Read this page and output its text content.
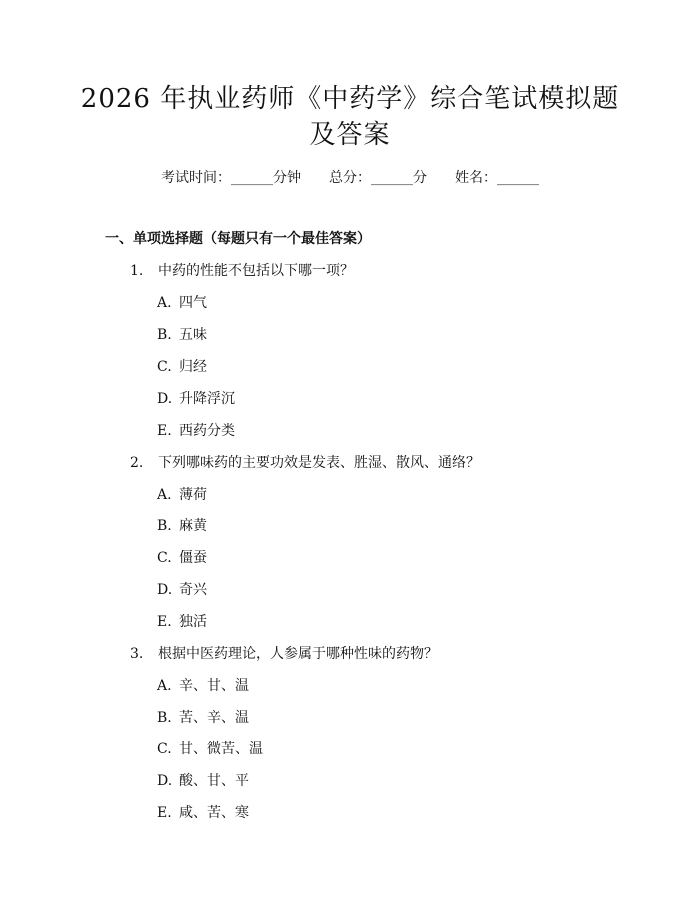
2026 年执业药师《中药学》综合笔试模拟题
及答案
考试时间：______分钟 总分：______分 姓名：______
一、单项选择题（每题只有一个最佳答案）
1. 中药的性能不包括以下哪一项？
A. 四气
B. 五味
C. 归经
D. 升降浮沉
E. 西药分类
2. 下列哪味药的主要功效是发表、胜湿、散风、通络？
A. 薄荷
B. 麻黄
C. 僵蚕
D. 奇兴
E. 独活
3. 根据中医药理论，人参属于哪种性味的药物？
A. 辛、甘、温
B. 苦、辛、温
C. 甘、微苦、温
D. 酸、甘、平
E. 咸、苦、寒
